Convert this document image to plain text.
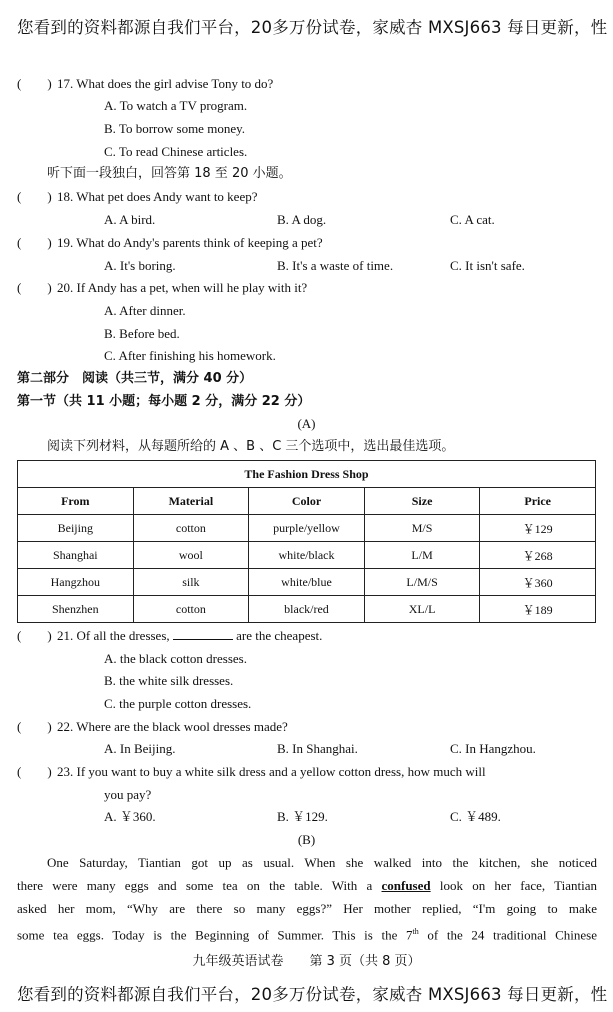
您看到的资料都源自我们平台，20多万份试卷，家威杏 MXSJ663 每日更新，性
(　　) 17. What does the girl advise Tony to do?
A. To watch a TV program.
B. To borrow some money.
C. To read Chinese articles.
听下面一段独白，回答第 18 至 20 小题。
(　　) 18. What pet does Andy want to keep?
A. A bird.	B. A dog.	C. A cat.
(　　) 19. What do Andy's parents think of keeping a pet?
A. It's boring.	B. It's a waste of time.	C. It isn't safe.
(　　) 20. If Andy has a pet, when will he play with it?
A. After dinner.
B. Before bed.
C. After finishing his homework.
第二部分　阅读（共三节，满分 40 分）
第一节（共 11 小题；每小题 2 分，满分 22 分）
(A)
阅读下列材料，从每题所给的 A 、B 、C 三个选项中，选出最佳选项。
The Fashion Dress Shop				
From	Material	Color	Size	Price
Beijing	cotton	purple/yellow	M/S	￥129
Shanghai	wool	white/black	L/M	￥268
Hangzhou	silk	white/blue	L/M/S	￥360
Shenzhen	cotton	black/red	XL/L	￥189
(　　) 21. Of all the dresses,	are the cheapest.
A. the black cotton dresses.
B. the white silk dresses.
C. the purple cotton dresses.
(　　) 22. Where are the black wool dresses made?
A. In Beijing.	B. In Shanghai.	C. In Hangzhou.
(　　) 23. If you want to buy a white silk dress and a yellow cotton dress, how much will
you pay?
A. ￥360.	B. ￥129.	C. ￥489.
(B)
One Saturday, Tiantian got up as usual. When she walked into the kitchen, she noticed
there were many eggs and some tea on the table. With a confused look on her face, Tiantian
asked her mom, “Why are there so many eggs?” Her mother replied, “I'm going to make
some tea eggs. Today is the Beginning of Summer. This is the 7th of the 24 traditional Chinese
九年级英语试卷　　第 3 页（共 8 页）
您看到的资料都源自我们平台，20多万份试卷，家威杏 MXSJ663 每日更新，性
